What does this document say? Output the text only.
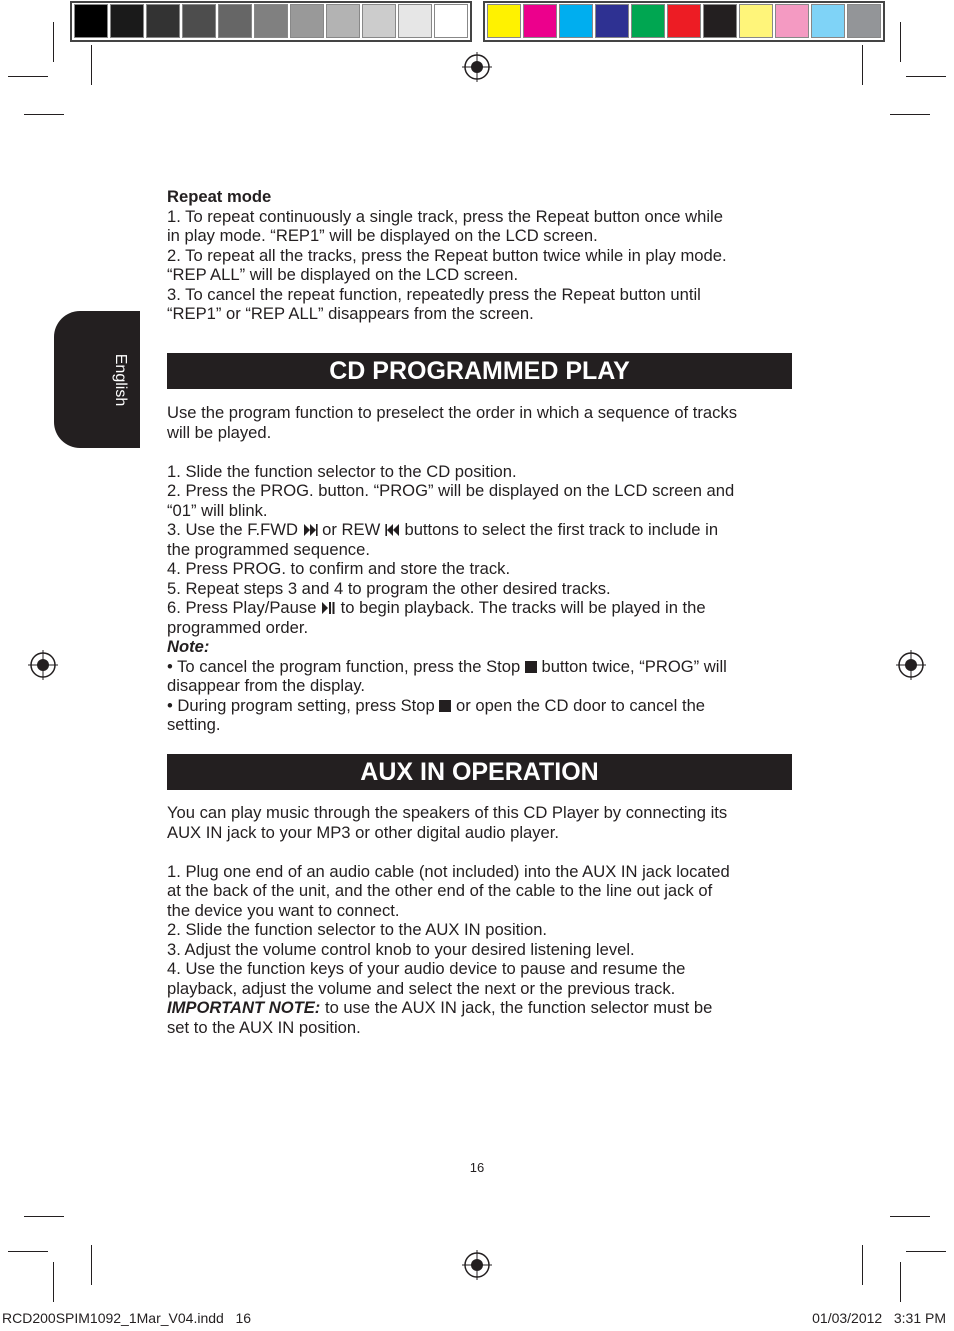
English

Repeat mode

1. To repeat continuously a single track, press the Repeat button once while

in play mode. “REP1” will be displayed on the LCD screen.

2. To repeat all the tracks, press the Repeat button twice while in play mode.

“REP ALL” will be displayed on the LCD screen.

3. To cancel the repeat function, repeatedly press the Repeat button until

“REP1” or “REP ALL” disappears from the screen.

CD PROGRAMMED PLAY

Use the program function to preselect the order in which a sequence of tracks

will be played.

1. Slide the function selector to the CD position.

2. Press the PROG. button. “PROG” will be displayed on the LCD screen and

“01” will blink.

3. Use the F.FWD  or REW  buttons to select the first track to include in

the programmed sequence.

4. Press PROG. to confirm and store the track.

5. Repeat steps 3 and 4 to program the other desired tracks.

6. Press Play/Pause  to begin playback. The tracks will be played in the

programmed order.

Note:

• To cancel the program function, press the Stop  button twice, “PROG” will

disappear from the display.

• During program setting, press Stop  or open the CD door to cancel the

setting.

AUX IN OPERATION

You can play music through the speakers of this CD Player by connecting its

AUX IN jack to your MP3 or other digital audio player.

1. Plug one end of an audio cable (not included) into the AUX IN jack located

at the back of the unit, and the other end of the cable to the line out jack of

the device you want to connect.

2. Slide the function selector to the AUX IN position.

3. Adjust the volume control knob to your desired listening level.

4. Use the function keys of your audio device to pause and resume the

playback, adjust the volume and select the next or the previous track.

IMPORTANT NOTE: to use the AUX IN jack, the function selector must be

set to the AUX IN position.

16
RCD200SPIM1092_1Mar_V04.indd   16	01/03/2012   3:31 PM
